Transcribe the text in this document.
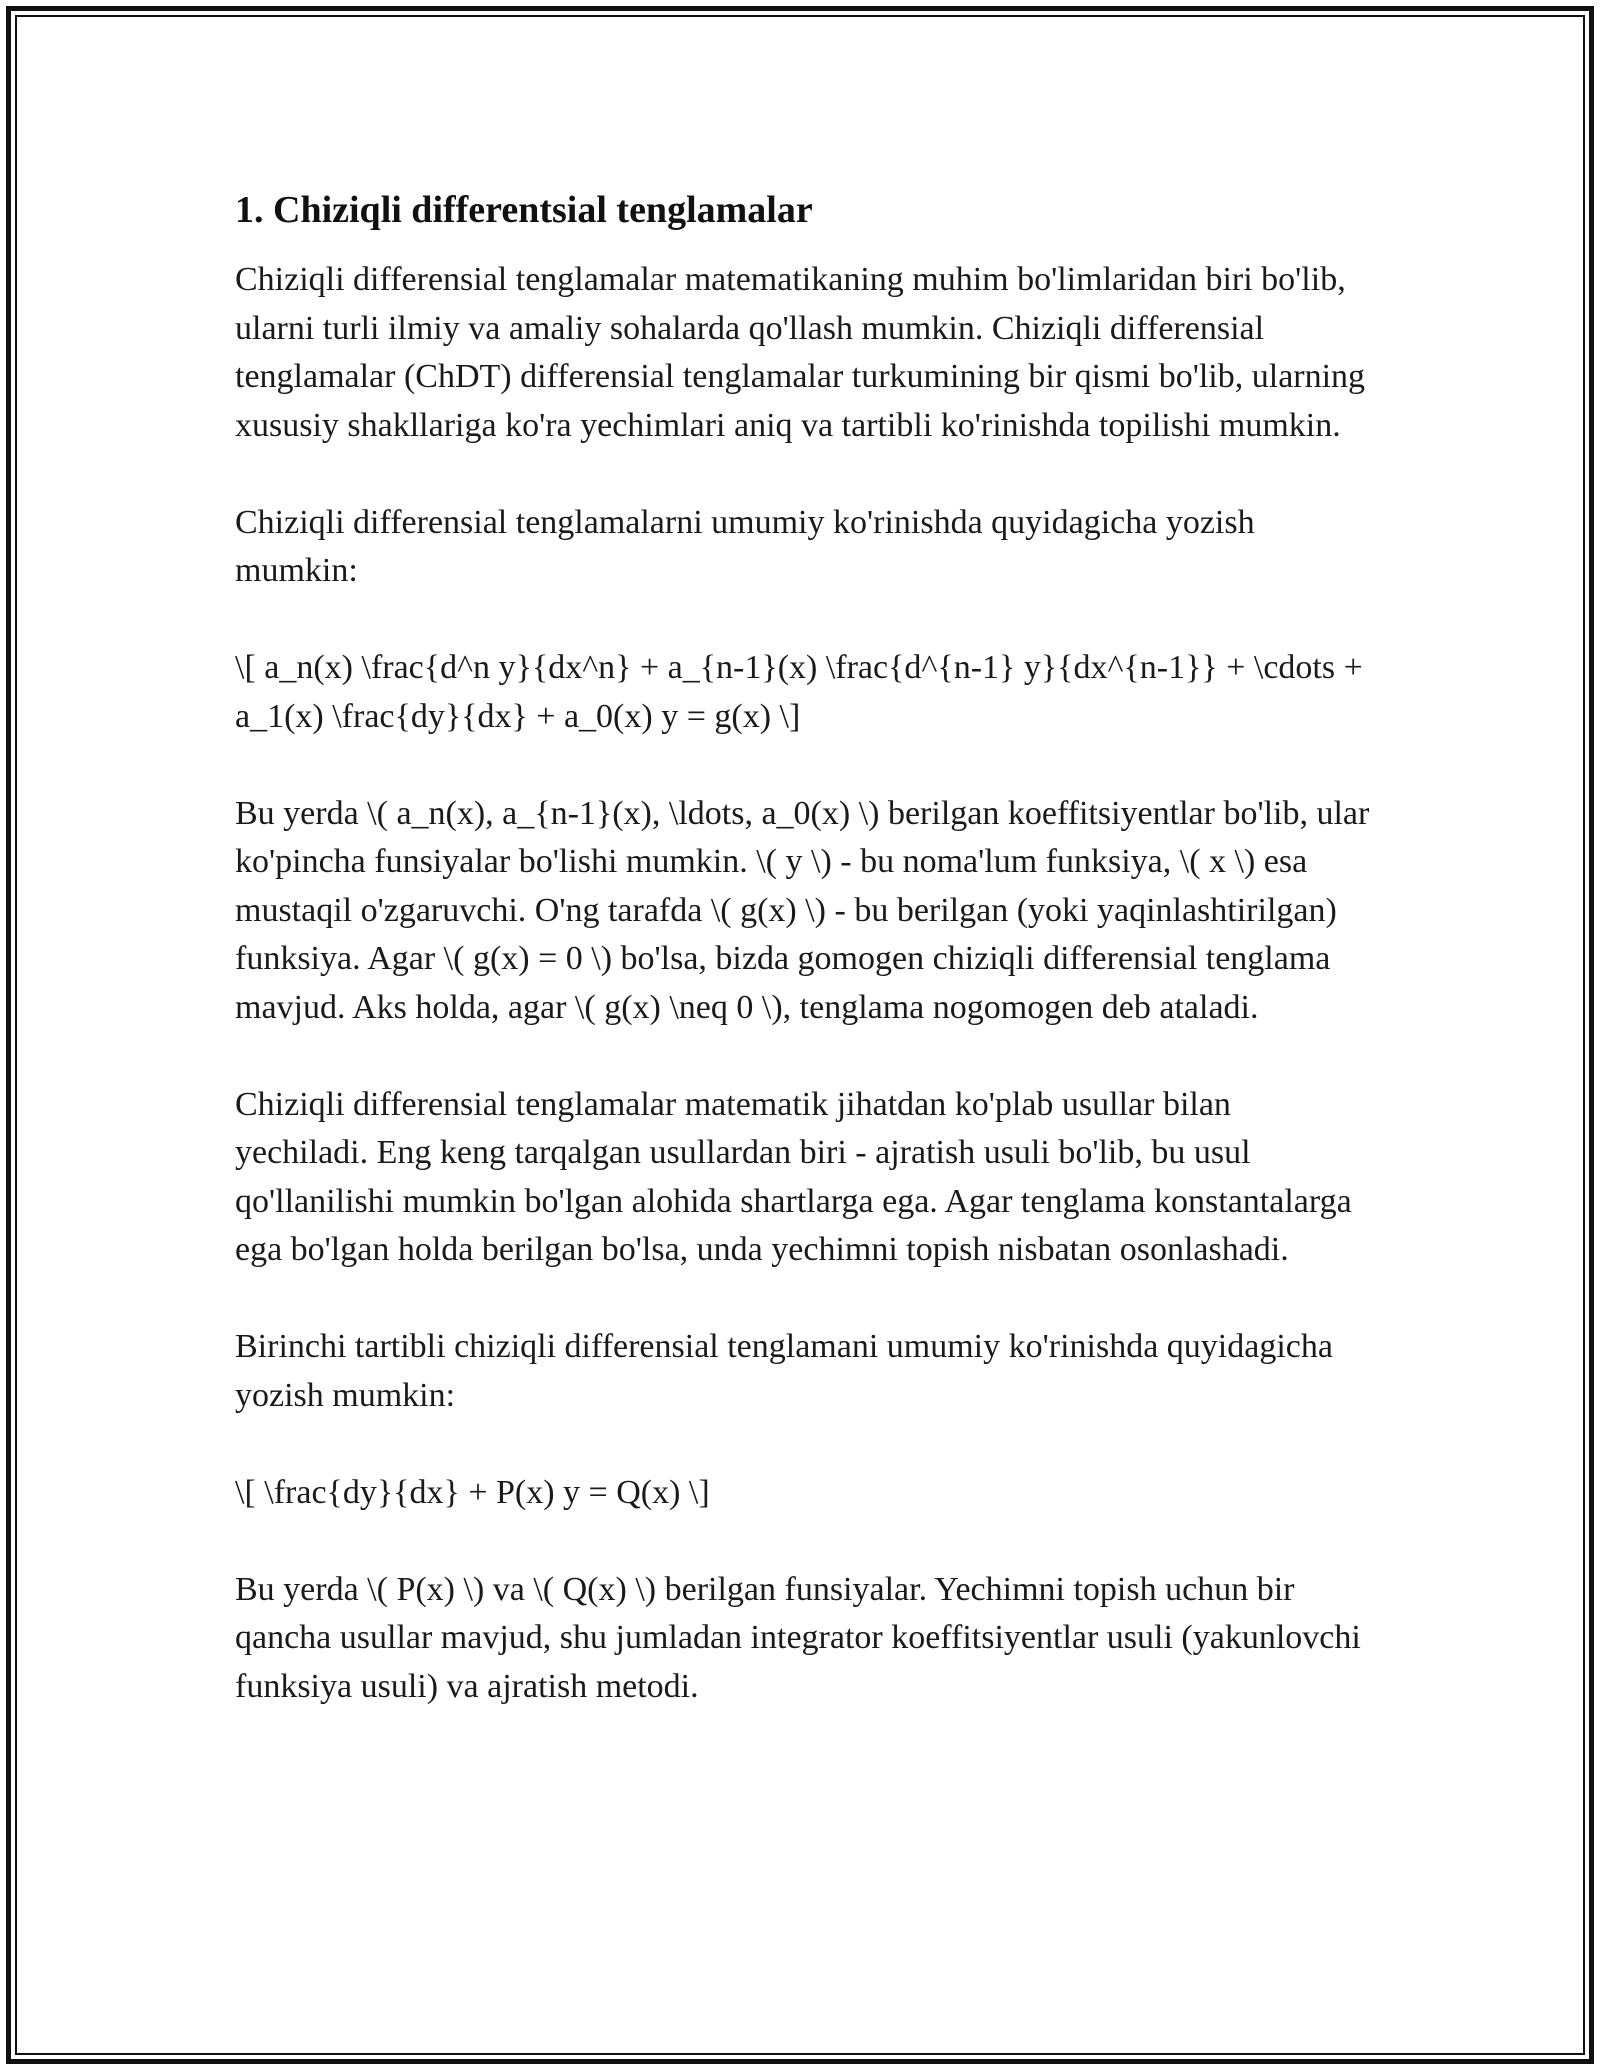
1. Chiziqli differentsial tenglamalar

Chiziqli differensial tenglamalar matematikaning muhim bo'limlaridan biri bo'lib, ularni turli ilmiy va amaliy sohalarda qo'llash mumkin. Chiziqli differensial tenglamalar (ChDT) differensial tenglamalar turkumining bir qismi bo'lib, ularning xususiy shakllariga ko'ra yechimlari aniq va tartibli ko'rinishda topilishi mumkin.

Chiziqli differensial tenglamalarni umumiy ko'rinishda quyidagicha yozish mumkin:

\[ a_n(x) \frac{d^n y}{dx^n} + a_{n-1}(x) \frac{d^{n-1} y}{dx^{n-1}} + \cdots + a_1(x) \frac{dy}{dx} + a_0(x) y = g(x) \]

Bu yerda \( a_n(x), a_{n-1}(x), \ldots, a_0(x) \) berilgan koeffitsiyentlar bo'lib, ular ko'pincha funsiyalar bo'lishi mumkin. \( y \) - bu noma'lum funksiya, \( x \) esa mustaqil o'zgaruvchi. O'ng tarafda \( g(x) \) - bu berilgan (yoki yaqinlashtirilgan) funksiya. Agar \( g(x) = 0 \) bo'lsa, bizda gomogen chiziqli differensial tenglama mavjud. Aks holda, agar \( g(x) \neq 0 \), tenglama nogomogen deb ataladi.

Chiziqli differensial tenglamalar matematik jihatdan ko'plab usullar bilan yechiladi. Eng keng tarqalgan usullardan biri - ajratish usuli bo'lib, bu usul qo'llanilishi mumkin bo'lgan alohida shartlarga ega. Agar tenglama konstantalarga ega bo'lgan holda berilgan bo'lsa, unda yechimni topish nisbatan osonlashadi.

Birinchi tartibli chiziqli differensial tenglamani umumiy ko'rinishda quyidagicha yozish mumkin:

\[ \frac{dy}{dx} + P(x) y = Q(x) \]

Bu yerda \( P(x) \) va \( Q(x) \) berilgan funsiyalar. Yechimni topish uchun bir qancha usullar mavjud, shu jumladan integrator koeffitsiyentlar usuli (yakunlovchi funksiya usuli) va ajratish metodi.
